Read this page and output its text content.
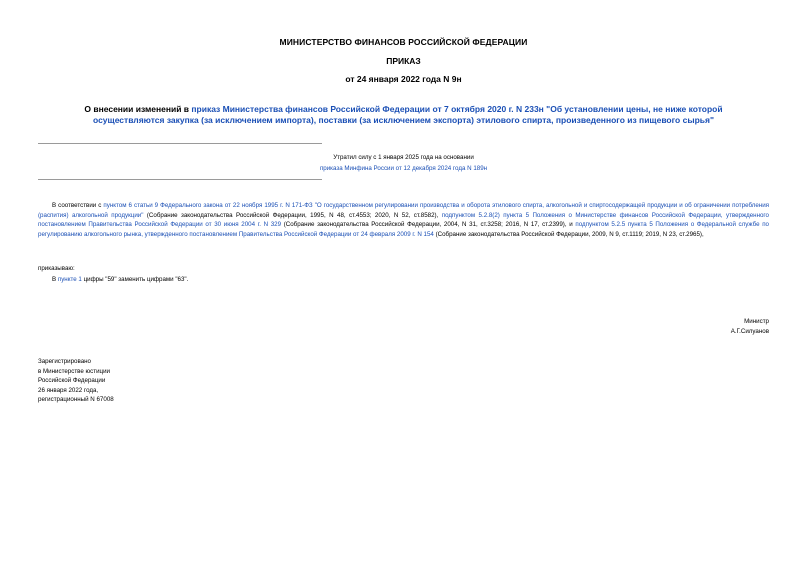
МИНИСТЕРСТВО ФИНАНСОВ РОССИЙСКОЙ ФЕДЕРАЦИИ
ПРИКАЗ
от 24 января 2022 года N 9н
О внесении изменений в приказ Министерства финансов Российской Федерации от 7 октября 2020 г. N 233н "Об установлении цены, не ниже которой осуществляются закупка (за исключением импорта), поставки (за исключением экспорта) этилового спирта, произведенного из пищевого сырья"
Утратил силу с 1 января 2025 года на основании
приказа Минфина России от 12 декабря 2024 года N 189н
В соответствии с пунктом 6 статьи 9 Федерального закона от 22 ноября 1995 г. N 171-ФЗ "О государственном регулировании производства и оборота этилового спирта, алкогольной и спиртосодержащей продукции и об ограничении потребления (распития) алкогольной продукции" (Собрание законодательства Российской Федерации, 1995, N 48, ст.4553; 2020, N 52, ст.8582), подпунктом 5.2.8(2) пункта 5 Положения о Министерстве финансов Российской Федерации, утвержденного постановлением Правительства Российской Федерации от 30 июня 2004 г. N 329 (Собрание законодательства Российской Федерации, 2004, N 31, ст.3258; 2016, N 17, ст.2399), и подпунктом 5.2.5 пункта 5 Положения о Федеральной службе по регулированию алкогольного рынка, утвержденного постановлением Правительства Российской Федерации от 24 февраля 2009 г. N 154 (Собрание законодательства Российской Федерации, 2009, N 9, ст.1119; 2019, N 23, ст.2965),
приказываю:
В пункте 1 цифры "59" заменить цифрами "63".
Министр
А.Г.Силуанов
Зарегистрировано
в Министерстве юстиции
Российской Федерации
26 января 2022 года,
регистрационный N 67008
